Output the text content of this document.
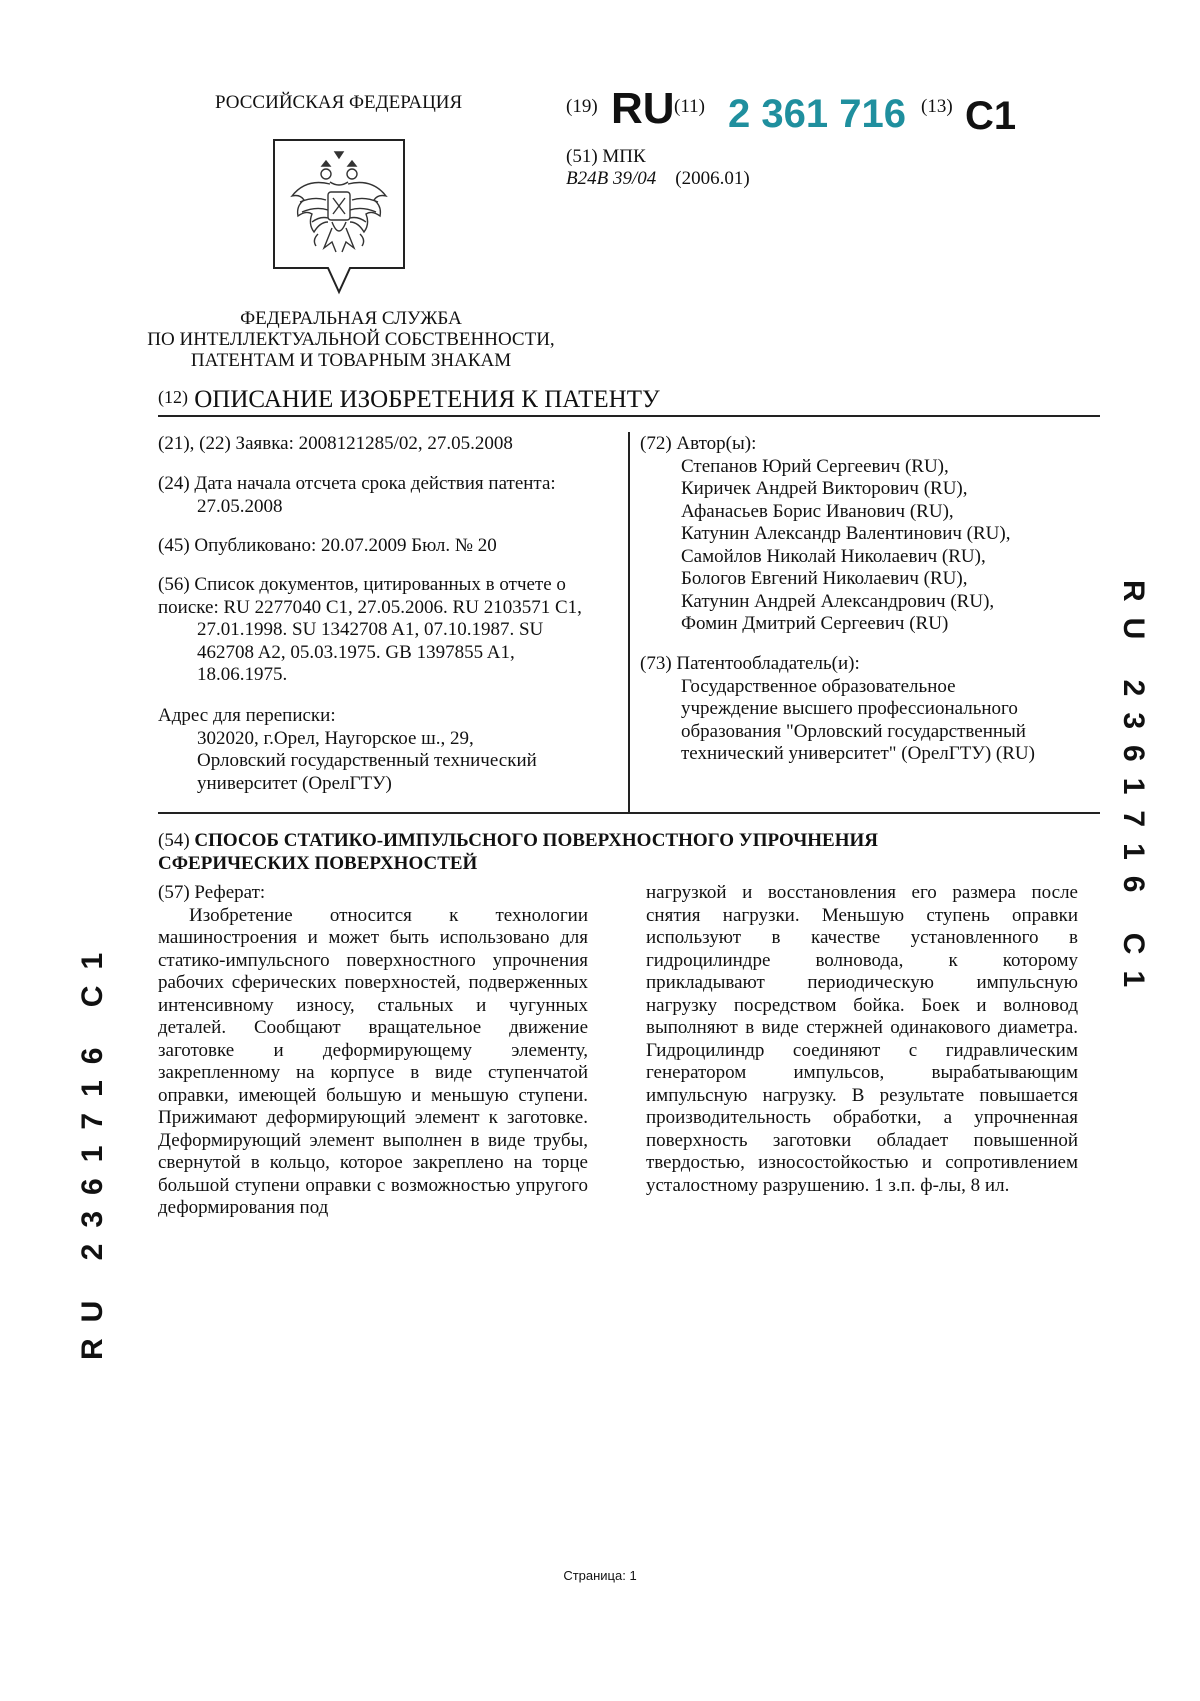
РОССИЙСКАЯ ФЕДЕРАЦИЯ
ФЕДЕРАЛЬНАЯ СЛУЖБА
ПО ИНТЕЛЛЕКТУАЛЬНОЙ СОБСТВЕННОСТИ,
ПАТЕНТАМ И ТОВАРНЫМ ЗНАКАМ
(19) RU (11) 2 361 716 (13) C1
(51) МПК
B24B 39/04 (2006.01)
(12) ОПИСАНИЕ ИЗОБРЕТЕНИЯ К ПАТЕНТУ
(21), (22) Заявка: 2008121285/02, 27.05.2008
(24) Дата начала отсчета срока действия патента:
27.05.2008
(45) Опубликовано: 20.07.2009 Бюл. № 20
(56) Список документов, цитированных в отчете о
поиске: RU 2277040 C1, 27.05.2006. RU 2103571 C1,
27.01.1998. SU 1342708 A1, 07.10.1987. SU
462708 A2, 05.03.1975. GB 1397855 A1,
18.06.1975.
Адрес для переписки:
302020, г.Орел, Наугорское ш., 29,
Орловский государственный технический
университет (ОрелГТУ)
(72) Автор(ы):
Степанов Юрий Сергеевич (RU),
Киричек Андрей Викторович (RU),
Афанасьев Борис Иванович (RU),
Катунин Александр Валентинович (RU),
Самойлов Николай Николаевич (RU),
Бологов Евгений Николаевич (RU),
Катунин Андрей Александрович (RU),
Фомин Дмитрий Сергеевич (RU)
(73) Патентообладатель(и):
Государственное образовательное
учреждение высшего профессионального
образования "Орловский государственный
технический университет" (ОрелГТУ) (RU)
(54) СПОСОБ СТАТИКО-ИМПУЛЬСНОГО ПОВЕРХНОСТНОГО УПРОЧНЕНИЯ
СФЕРИЧЕСКИХ ПОВЕРХНОСТЕЙ
(57) Реферат:

Изобретение относится к технологии машиностроения и может быть использовано для статико-импульсного поверхностного упрочнения рабочих сферических поверхностей, подверженных интенсивному износу, стальных и чугунных деталей. Сообщают вращательное движение заготовке и деформирующему элементу, закрепленному на корпусе в виде ступенчатой оправки, имеющей большую и меньшую ступени. Прижимают деформирующий элемент к заготовке. Деформирующий элемент выполнен в виде трубы, свернутой в кольцо, которое закреплено на торце большой ступени оправки с возможностью упругого деформирования под

нагрузкой и восстановления его размера после снятия нагрузки. Меньшую ступень оправки используют в качестве установленного в гидроцилиндре волновода, к которому прикладывают периодическую импульсную нагрузку посредством бойка. Боек и волновод выполняют в виде стержней одинакового диаметра. Гидроцилиндр соединяют с гидравлическим генератором импульсов, вырабатывающим импульсную нагрузку. В результате повышается производительность обработки, а упрочненная поверхность заготовки обладает повышенной твердостью, износостойкостью и сопротивлением усталостному разрушению. 1 з.п. ф-лы, 8 ил.

RU 2361716 C1
RU 2361716 C1
Страница: 1
